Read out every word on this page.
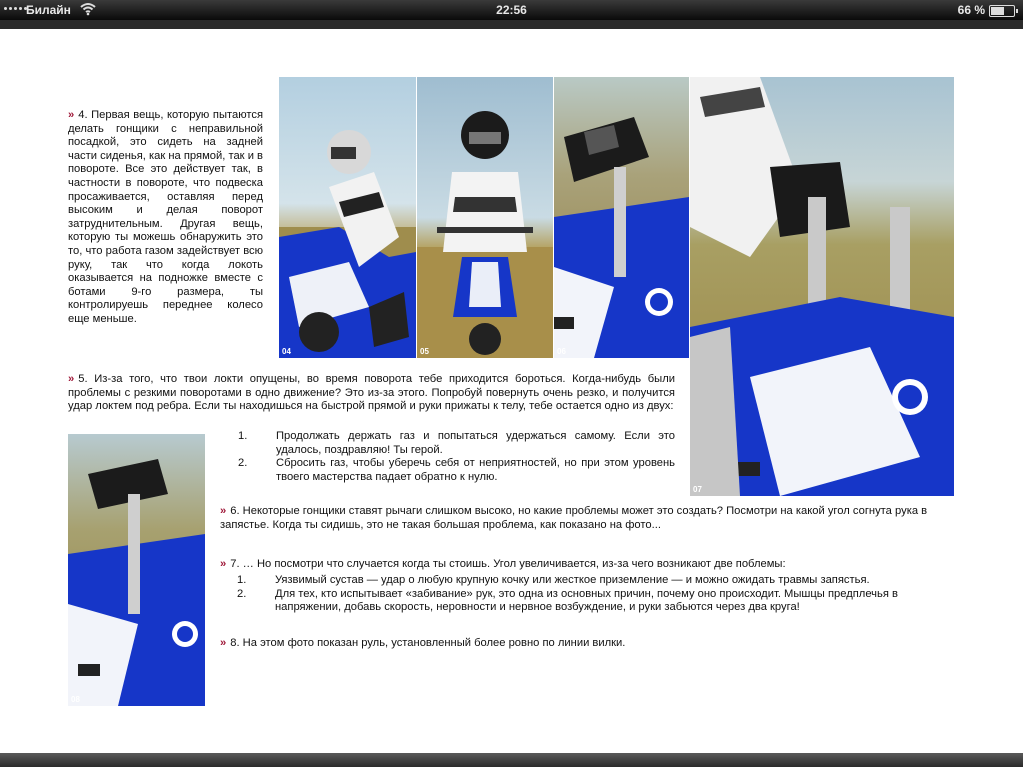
Билайн	22:56	66 %
» 4. Первая вещь, которую пытаются делать гонщики с неправильной посадкой, это сидеть на задней части сиденья, как на прямой, так и в повороте. Все это действует так, в частности в повороте, что подвеска просаживается, оставляя перед высоким и делая поворот затруднительным. Другая вещь, которую ты можешь обнаружить это то, что работа газом задействует всю руку, так что когда локоть оказывается на подножке вместе с ботами 9-го размера, ты контролируешь переднее колесо еще меньше.
04	05	06
07
» 5. Из-за того, что твои локти опущены, во время поворота тебе приходится бороться. Когда-нибудь были проблемы с резкими поворотами в одно движение? Это из-за этого. Попробуй повернуть очень резко, и получится удар локтем под ребра. Если ты находишься на быстрой прямой и руки прижаты к телу, тебе остается одно из двух:
1.	Продолжать держать газ и попытаться удержаться самому. Если это удалось, поздравляю! Ты герой.
2.	Сбросить газ, чтобы уберечь себя от неприятностей, но при этом уровень твоего мастерства падает обратно к нулю.
08
» 6. Некоторые гонщики ставят рычаги слишком высоко, но какие проблемы может это создать? Посмотри на какой угол согнута рука в запястье. Когда ты сидишь, это не такая большая проблема, как показано на фото...
» 7. … Но посмотри что случается когда ты стоишь. Угол увеличивается, из-за чего возникают две поблемы:
1.	Уязвимый сустав — удар о любую крупную кочку или жесткое приземление — и можно ожидать травмы запястья.
2.	Для тех, кто испытывает «забивание» рук, это одна из основных причин, почему оно происходит. Мышцы предплечья в напряжении, добавь скорость, неровности и нервное возбуждение, и руки забьются через два круга!
» 8. На этом фото показан руль, установленный более ровно по линии вилки.
